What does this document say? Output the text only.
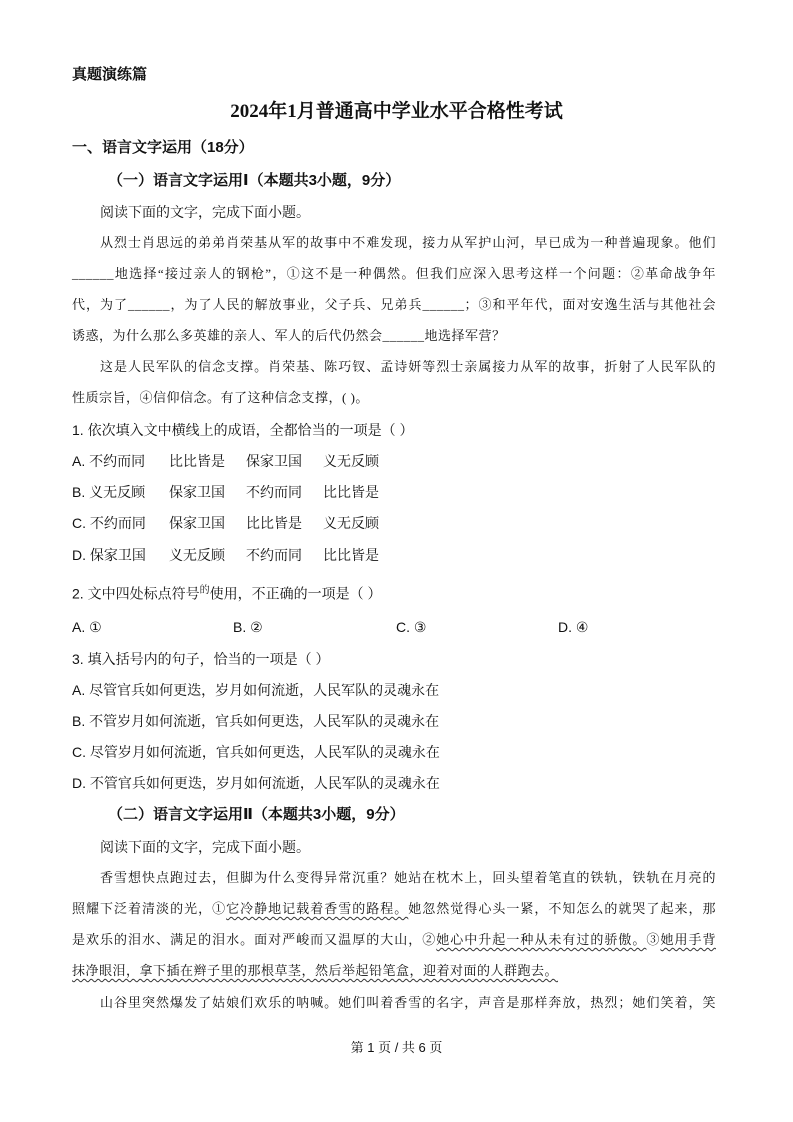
真题演练篇
2024年1月普通高中学业水平合格性考试
一、语言文字运用（18分）
（一）语言文字运用Ⅰ（本题共3小题，9分）
阅读下面的文字，完成下面小题。
从烈士肖思远的弟弟肖荣基从军的故事中不难发现，接力从军护山河，早已成为一种普遍现象。他们
______地选择“接过亲人的钢枪”，①这不是一种偶然。但我们应深入思考这样一个问题：②革命战争年
代，为了______，为了人民的解放事业，父子兵、兄弟兵______；③和平年代，面对安逸生活与其他社会
诱惑，为什么那么多英雄的亲人、军人的后代仍然会______地选择军营？
这是人民军队的信念支撑。肖荣基、陈巧钗、孟诗妍等烈士亲属接力从军的故事，折射了人民军队的
性质宗旨，④信仰信念。有了这种信念支撑，( )。
1. 依次填入文中横线上的成语，全都恰当的一项是（ ）
A. 不约而同 比比皆是 保家卫国 义无反顾
B. 义无反顾 保家卫国 不约而同 比比皆是
C. 不约而同 保家卫国 比比皆是 义无反顾
D. 保家卫国 义无反顾 不约而同 比比皆是
2. 文中四处标点符号$^的$使用，不正确的一项是（ ）
A. ①	B. ②	C. ③	D. ④
3. 填入括号内的句子，恰当的一项是（ ）
A. 尽管官兵如何更迭，岁月如何流逝，人民军队的灵魂永在
B. 不管岁月如何流逝，官兵如何更迭，人民军队的灵魂永在
C. 尽管岁月如何流逝，官兵如何更迭，人民军队的灵魂永在
D. 不管官兵如何更迭，岁月如何流逝，人民军队的灵魂永在
（二）语言文字运用Ⅱ（本题共3小题，9分）
阅读下面的文字，完成下面小题。
香雪想快点跑过去，但脚为什么变得异常沉重？她站在枕木上，回头望着笔直的铁轨，铁轨在月亮的
照耀下泛着清淡的光，①它冷静地记载着香雪的路程。她忽然觉得心头一紧，不知怎么的就哭了起来，那
是欢乐的泪水、满足的泪水。面对严峻而又温厚的大山，②她心中升起一种从未有过的骄傲。③她用手背
抹净眼泪，拿下插在辫子里的那根草茎，然后举起铅笔盒，迎着对面的人群跑去。
山谷里突然爆发了姑娘们欢乐的呐喊。她们叫着香雪的名字，声音是那样奔放，热烈；她们笑着，笑
第 1 页 / 共 6 页
